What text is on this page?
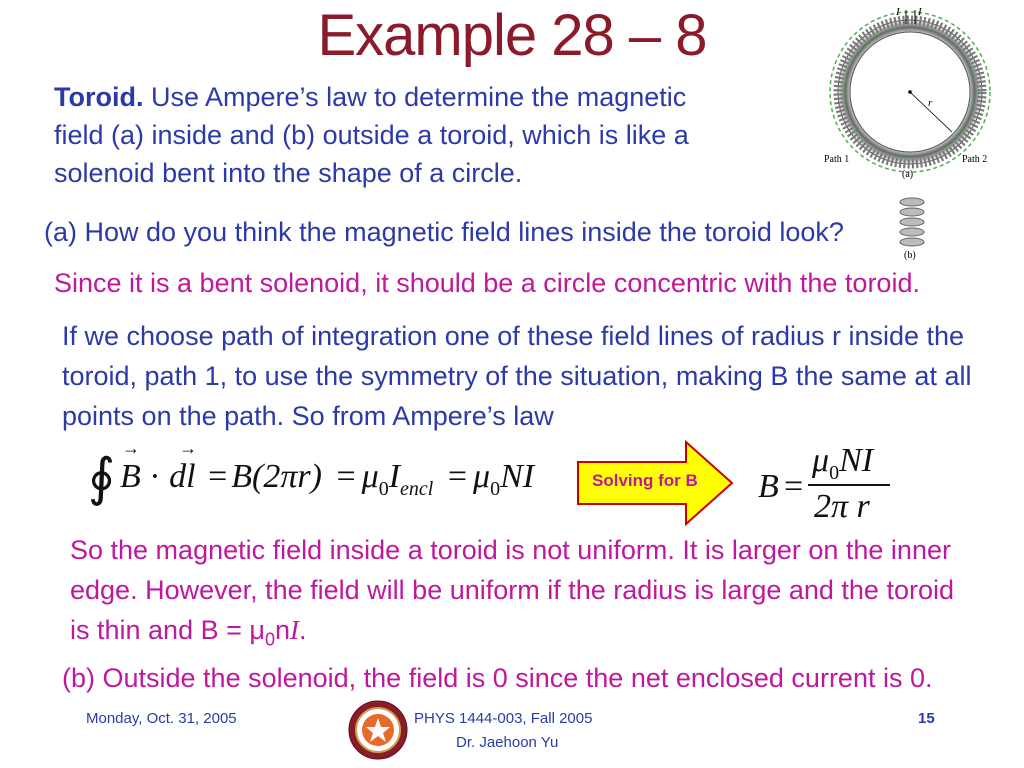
Example 28 – 8
Toroid. Use Ampere’s law to determine the magnetic field (a) inside and (b) outside a toroid, which is like a solenoid bent into the shape of a circle.
I I
r
Path 1	Path 2
(a)
(b)
(a) How do you think the magnetic field lines inside the toroid look?
Since it is a bent solenoid, it should be a circle concentric with the toroid.
If we choose path of integration one of these field lines of radius r inside the toroid, path 1, to use the symmetry of the situation, making B the same at all points on the path. So from Ampere’s law
∮ B
→
· dl
→
= $B(2\pi r) = \mu_0I_{encl} = \mu_0NI$	Solving for B B =
$\mu_0NI$
2π r
So the magnetic field inside a toroid is not uniform. It is larger on the inner edge. However, the field will be uniform if the radius is large and the toroid is thin and $B = \mu_0nI$.
(b) Outside the solenoid, the field is 0 since the net enclosed current is 0.
Monday, Oct. 31, 2005	PHYS 1444-003, Fall 2005
Dr. Jaehoon Yu
15
